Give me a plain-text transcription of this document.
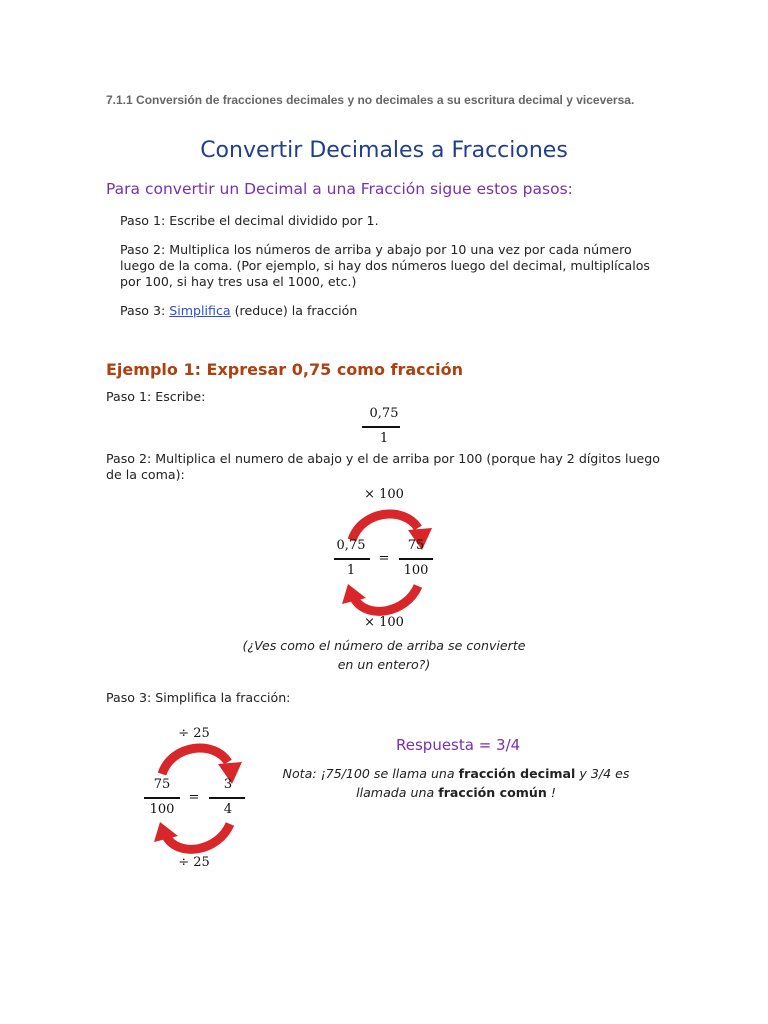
7.1.1 Conversión de fracciones decimales y no decimales a su escritura decimal y viceversa.
Convertir Decimales a Fracciones
Para convertir un Decimal a una Fracción sigue estos pasos:
Paso 1: Escribe el decimal dividido por 1.
Paso 2: Multiplica los números de arriba y abajo por 10 una vez por cada número luego de la coma. (Por ejemplo, si hay dos números luego del decimal, multiplícalos por 100, si hay tres usa el 1000, etc.)
Paso 3: Simplifica (reduce) la fracción
Ejemplo 1: Expresar 0,75 como fracción
Paso 1: Escribe:
0,75
1
Paso 2: Multiplica el numero de abajo y el de arriba por 100 (porque hay 2 dígitos luego de la coma):
× 100
0,75
1
=
75
100
× 100
(¿Ves como el número de arriba se convierte
en un entero?)
Paso 3: Simplifica la fracción:
÷ 25
75
100
=
3
4
÷ 25
Respuesta = 3/4
Nota: ¡75/100 se llama una fracción decimal y 3/4 es llamada una fracción común !
